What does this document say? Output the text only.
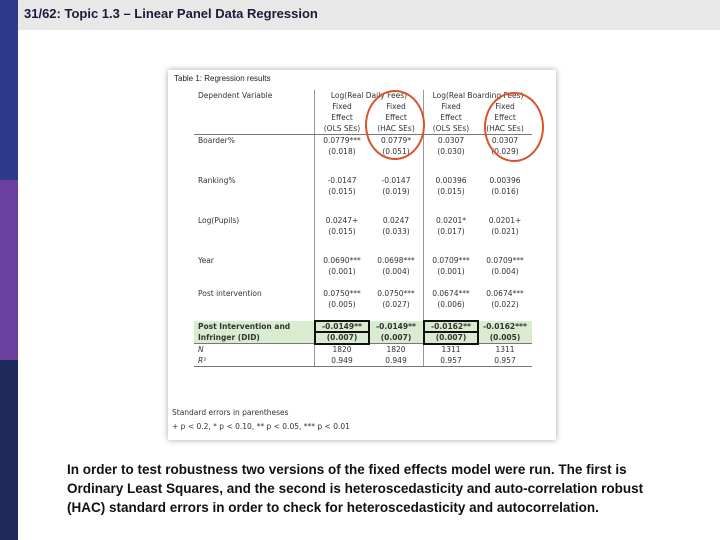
31/62: Topic 1.3 – Linear Panel Data Regression
Table 1: Regression results
Dependent Variable	Log(Real Daily Fees)		Log(Real Boarding Fees)	
	Fixed	Fixed	Fixed	Fixed
	Effect	Effect	Effect	Effect
	(OLS SEs)	(HAC SEs)	(OLS SEs)	(HAC SEs)
Boarder%	0.0779***	0.0779*	0.0307	0.0307
	(0.018)	(0.051)	(0.030)	(0.029)

Ranking%	-0.0147	-0.0147	0.00396	0.00396
	(0.015)	(0.019)	(0.015)	(0.016)

Log(Pupils)	0.0247+	0.0247	0.0201*	0.0201+
	(0.015)	(0.033)	(0.017)	(0.021)

Year	0.0690***	0.0698***	0.0709***	0.0709***
	(0.001)	(0.004)	(0.001)	(0.004)

Post intervention	0.0750***	0.0750***	0.0674***	0.0674***
	(0.005)	(0.027)	(0.006)	(0.022)

Post Intervention and	-0.0149**	-0.0149**	-0.0162**	-0.0162***
Infringer (DID)	(0.007)	(0.007)	(0.007)	(0.005)
N	1820	1820	1311	1311
R²	0.949	0.949	0.957	0.957
Standard errors in parentheses
+ p < 0.2, * p < 0.10, ** p < 0.05, *** p < 0.01
In order to test robustness two versions of the fixed effects model were run. The first is Ordinary Least Squares, and the second is heteroscedasticity and auto-correlation robust (HAC) standard errors in order to check for heteroscedasticity and autocorrelation.
